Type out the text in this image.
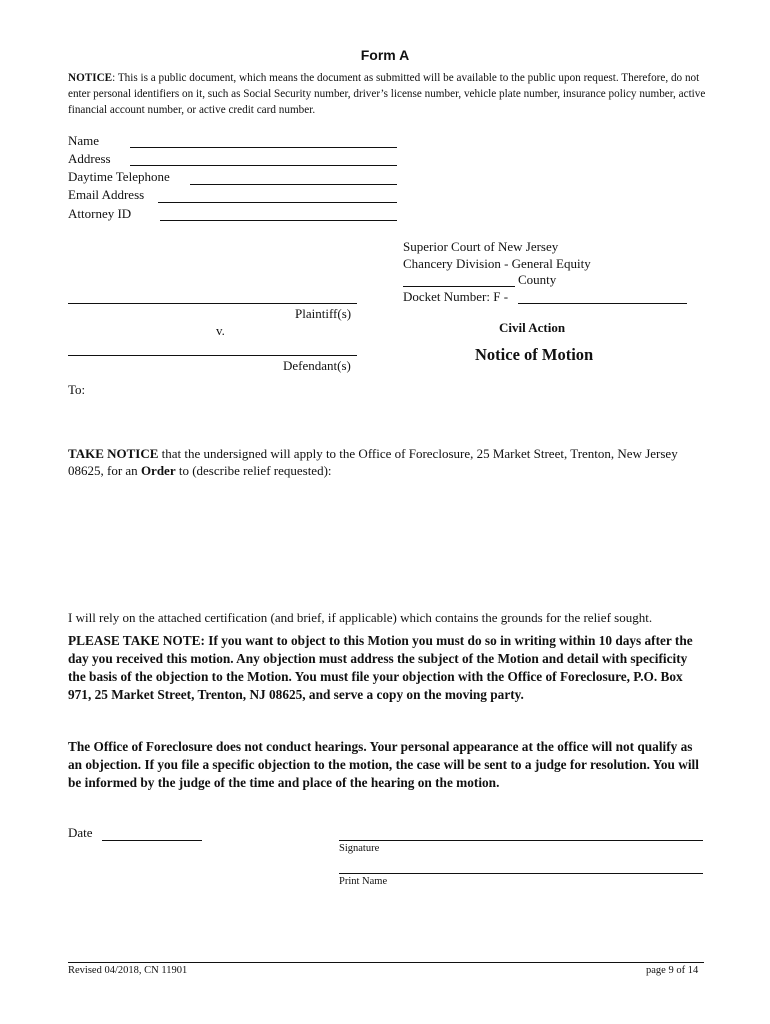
Form A
NOTICE: This is a public document, which means the document as submitted will be available to the public upon request. Therefore, do not enter personal identifiers on it, such as Social Security number, driver’s license number, vehicle plate number, insurance policy number, active financial account number, or active credit card number.
Name
Address
Daytime Telephone
Email Address
Attorney ID
Superior Court of New Jersey
Chancery Division - General Equity
County
Docket Number: F -
Plaintiff(s)
v.
Defendant(s)
Civil Action
Notice of Motion
To:
TAKE NOTICE that the undersigned will apply to the Office of Foreclosure, 25 Market Street, Trenton, New Jersey 08625, for an Order to (describe relief requested):
I will rely on the attached certification (and brief, if applicable) which contains the grounds for the relief sought.
PLEASE TAKE NOTE: If you want to object to this Motion you must do so in writing within 10 days after the day you received this motion. Any objection must address the subject of the Motion and detail with specificity the basis of the objection to the Motion. You must file your objection with the Office of Foreclosure, P.O. Box 971, 25 Market Street, Trenton, NJ 08625, and serve a copy on the moving party.
The Office of Foreclosure does not conduct hearings. Your personal appearance at the office will not qualify as an objection. If you file a specific objection to the motion, the case will be sent to a judge for resolution. You will be informed by the judge of the time and place of the hearing on the motion.
Date
Signature
Print Name
Revised 04/2018, CN 11901	page 9 of 14
